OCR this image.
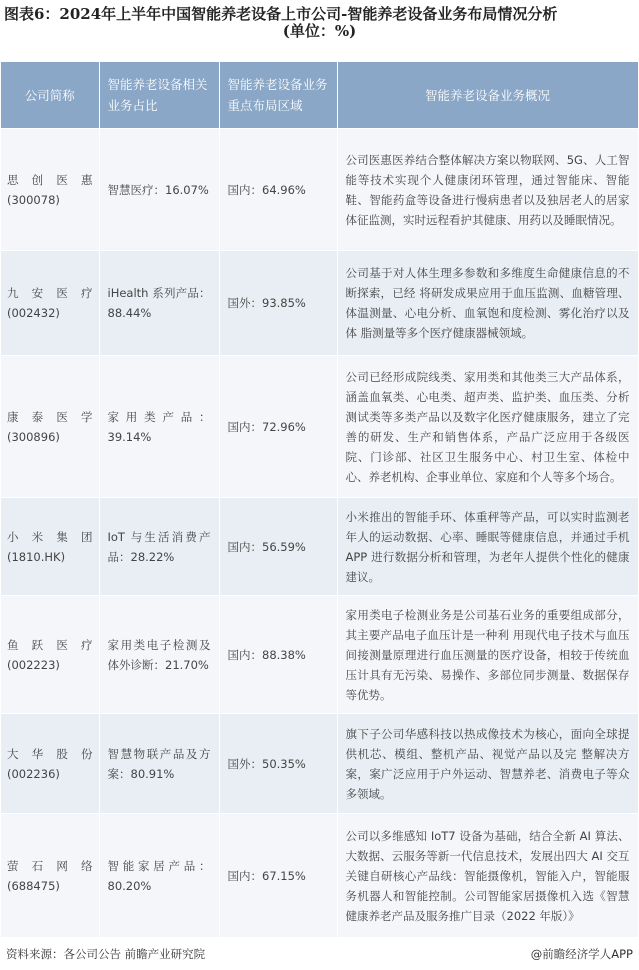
图表6：2024年上半年中国智能养老设备上市公司-智能养老设备业务布局情况分析
(单位：%)
公司简称	智能养老设备相关业务占比	智能养老设备业务重点布局区域	智能养老设备业务概况

思创医惠
(300078)	智慧医疗：16.07%	国内：64.96%	公司医惠医养结合整体解决方案以物联网、5G、人工智能等技术实现个人健康闭环管理，通过智能床、智能鞋、智能药盒等设备进行慢病患者以及独居老人的居家体征监测，实时远程看护其健康、用药以及睡眠情况。

九安医疗
(002432)	iHealth 系列产品：88.44%	国外：93.85%	公司基于对人体生理多参数和多维度生命健康信息的不断探索，已经 将研发成果应用于血压监测、血糖管理、体温测量、心电分析、血氧饱和度检测、雾化治疗以及体 脂测量等多个医疗健康器械领域。

康泰医学
(300896)	家用类产品：39.14%	国内：72.96%	公司已经形成院线类、家用类和其他类三大产品体系，涵盖血氧类、心电类、超声类、监护类、血压类、分析测试类等多类产品以及数字化医疗健康服务，建立了完善的研发、生产和销售体系，产品广泛应用于各级医院、门诊部、社区卫生服务中心、村卫生室、体检中心、养老机构、企事业单位、家庭和个人等多个场合。

小米集团
(1810.HK)	IoT 与生活消费产品：28.22%	国内：56.59%	小米推出的智能手环、体重秤等产品，可以实时监测老年人的运动数据、心率、睡眠等健康信息，并通过手机 APP 进行数据分析和管理，为老年人提供个性化的健康建议。

鱼跃医疗
(002223)	家用类电子检测及体外诊断：21.70%	国内：88.38%	家用类电子检测业务是公司基石业务的重要组成部分，其主要产品电子血压计是一种利 用现代电子技术与血压间接测量原理进行血压测量的医疗设备，相较于传统血压计具有无污染、易操作、多部位同步测量、数据保存等优势。

大华股份
(002236)	智慧物联产品及方案：80.91%	国外：50.35%	旗下子公司华感科技以热成像技术为核心，面向全球提供机芯、模组、整机产品、视觉产品以及完 整解决方案，案广泛应用于户外运动、智慧养老、消费电子等众多领域。

萤石网络
(688475)	智能家居产品：80.20%	国内：67.15%	公司以多维感知 IoT7 设备为基础，结合全新 AI 算法、大数据、云服务等新一代信息技术，发展出四大 AI 交互关键自研核心产品线：智能摄像机，智能入户，智能服务机器人和智能控制。公司智能家居摄像机入选《智慧健康养老产品及服务推广目录（2022 年版）》
资料来源：各公司公告 前瞻产业研究院	@前瞻经济学人APP
